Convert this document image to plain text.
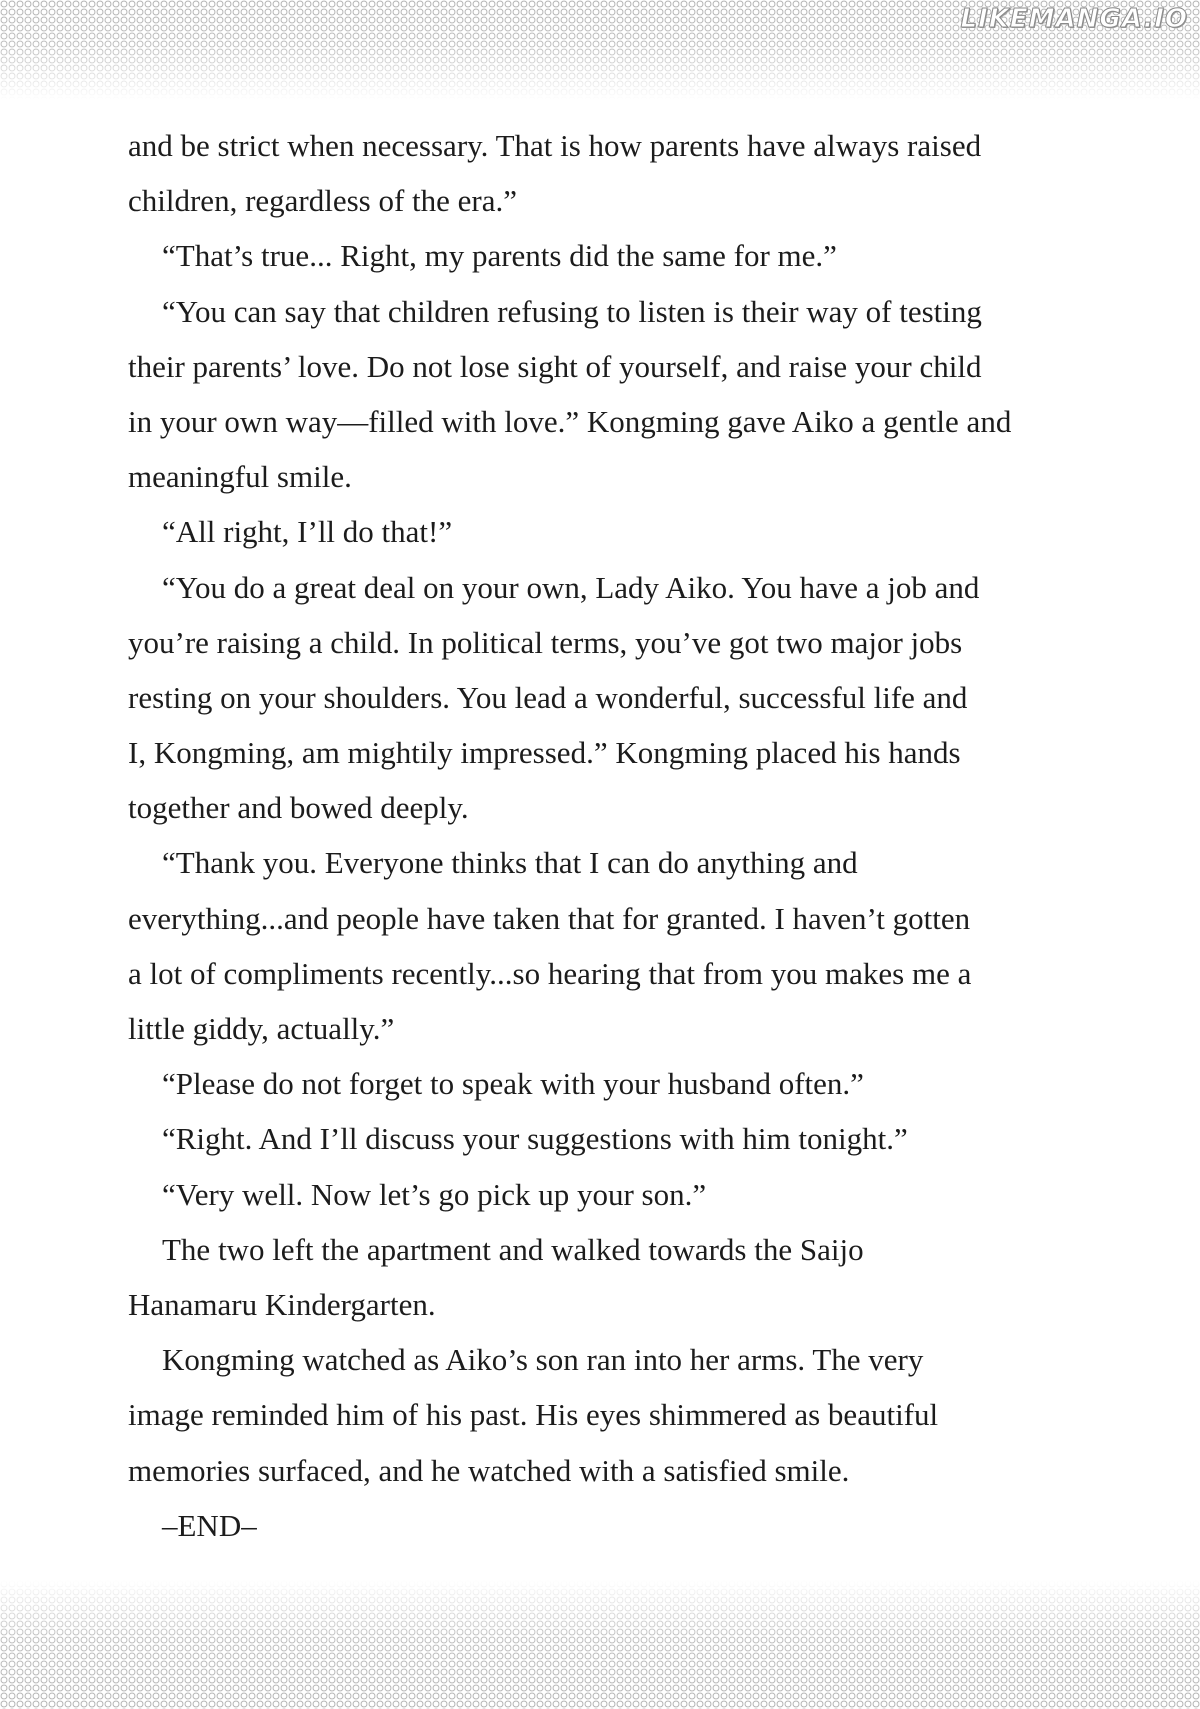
LIKEMANGA.IO
and be strict when necessary. That is how parents have always raised
children, regardless of the era.”
“That’s true... Right, my parents did the same for me.”
“You can say that children refusing to listen is their way of testing
their parents’ love. Do not lose sight of yourself, and raise your child
in your own way—filled with love.” Kongming gave Aiko a gentle and
meaningful smile.
“All right, I’ll do that!”
“You do a great deal on your own, Lady Aiko. You have a job and
you’re raising a child. In political terms, you’ve got two major jobs
resting on your shoulders. You lead a wonderful, successful life and
I, Kongming, am mightily impressed.” Kongming placed his hands
together and bowed deeply.
“Thank you. Everyone thinks that I can do anything and
everything...and people have taken that for granted. I haven’t gotten
a lot of compliments recently...so hearing that from you makes me a
little giddy, actually.”
“Please do not forget to speak with your husband often.”
“Right. And I’ll discuss your suggestions with him tonight.”
“Very well. Now let’s go pick up your son.”
The two left the apartment and walked towards the Saijo
Hanamaru Kindergarten.
Kongming watched as Aiko’s son ran into her arms. The very
image reminded him of his past. His eyes shimmered as beautiful
memories surfaced, and he watched with a satisfied smile.
–END–
